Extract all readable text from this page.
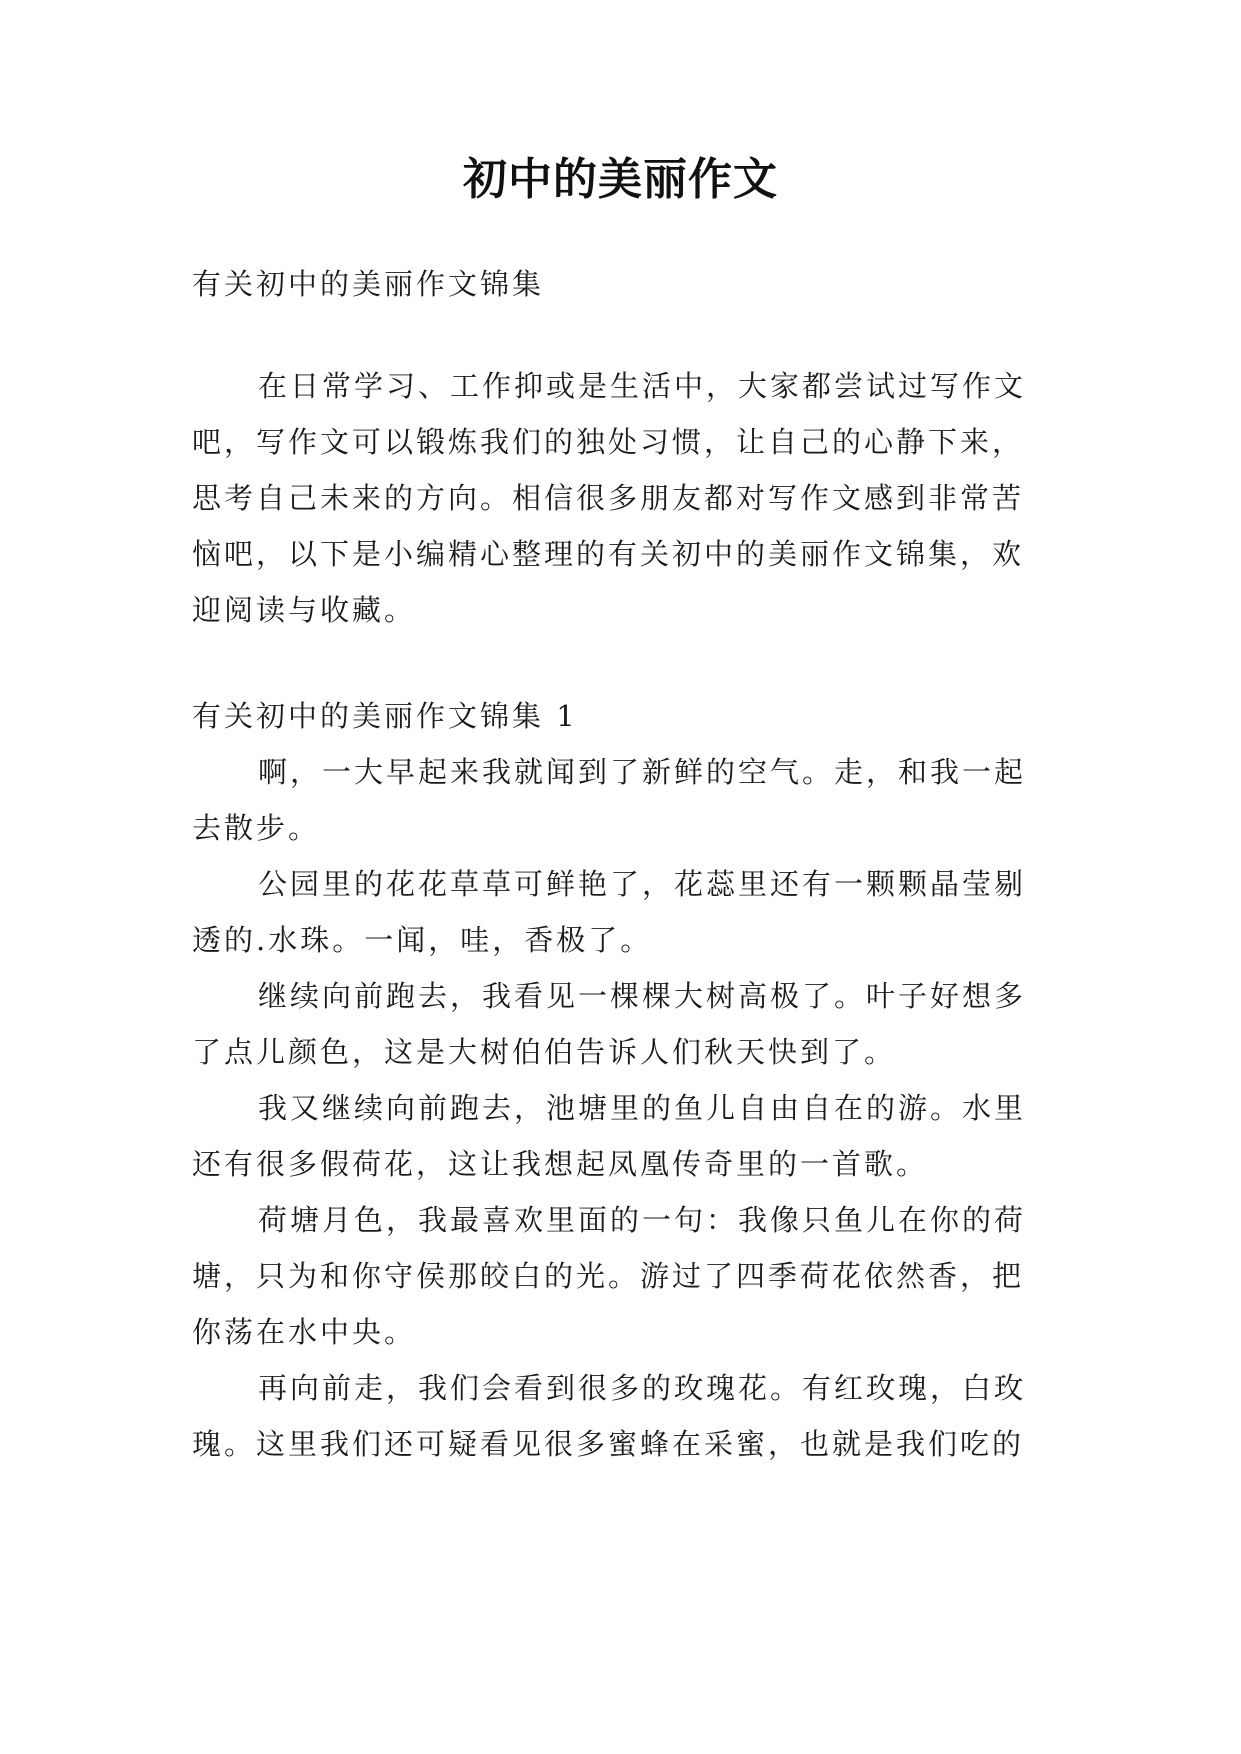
初中的美丽作文
有关初中的美丽作文锦集
在日常学习、工作抑或是生活中，大家都尝试过写作文
吧，写作文可以锻炼我们的独处习惯，让自己的心静下来，
思考自己未来的方向。相信很多朋友都对写作文感到非常苦
恼吧，以下是小编精心整理的有关初中的美丽作文锦集，欢
迎阅读与收藏。
有关初中的美丽作文锦集 1
啊，一大早起来我就闻到了新鲜的空气。走，和我一起
去散步。
公园里的花花草草可鲜艳了，花蕊里还有一颗颗晶莹剔
透的.水珠。一闻，哇，香极了。
继续向前跑去，我看见一棵棵大树高极了。叶子好想多
了点儿颜色，这是大树伯伯告诉人们秋天快到了。
我又继续向前跑去，池塘里的鱼儿自由自在的游。水里
还有很多假荷花，这让我想起凤凰传奇里的一首歌。
荷塘月色，我最喜欢里面的一句：我像只鱼儿在你的荷
塘，只为和你守侯那皎白的光。游过了四季荷花依然香，把
你荡在水中央。
再向前走，我们会看到很多的玫瑰花。有红玫瑰，白玫
瑰。这里我们还可疑看见很多蜜蜂在采蜜，也就是我们吃的
